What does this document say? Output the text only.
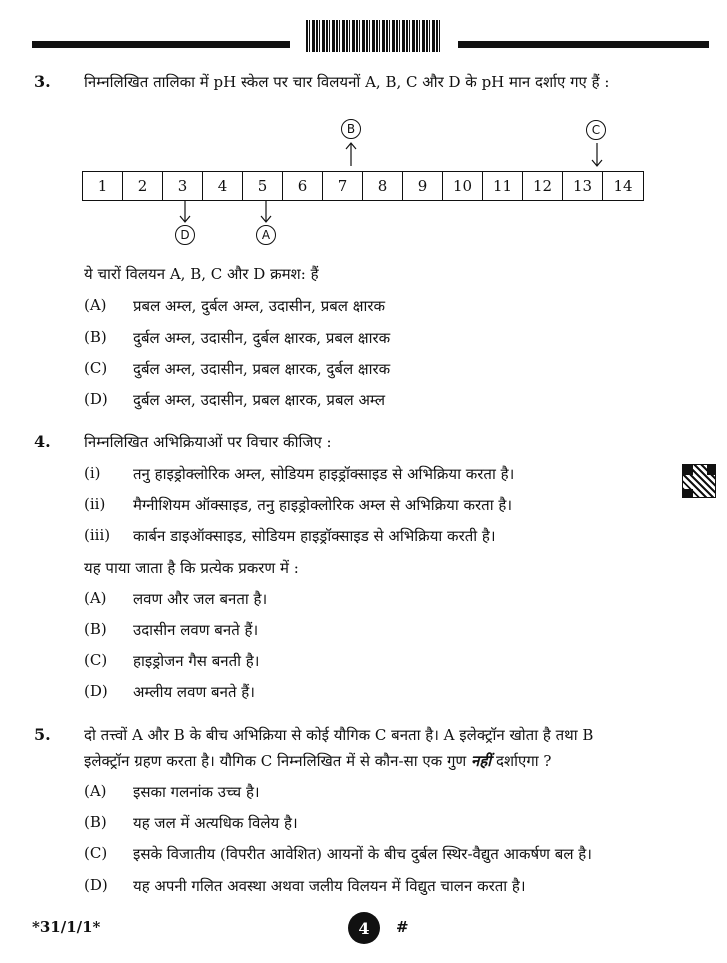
3. निम्नलिखित तालिका में pH स्केल पर चार विलयनों A, B, C और D के pH मान दर्शाए गए हैं :
B	C
1	2	3	4	5	6	7	8	9	10	11	12	13	14
D	A
ये चारों विलयन A, B, C और D क्रमश: हैं
(A) प्रबल अम्ल, दुर्बल अम्ल, उदासीन, प्रबल क्षारक
(B) दुर्बल अम्ल, उदासीन, दुर्बल क्षारक, प्रबल क्षारक
(C) दुर्बल अम्ल, उदासीन, प्रबल क्षारक, दुर्बल क्षारक
(D) दुर्बल अम्ल, उदासीन, प्रबल क्षारक, प्रबल अम्ल
4. निम्नलिखित अभिक्रियाओं पर विचार कीजिए :
(i) तनु हाइड्रोक्लोरिक अम्ल, सोडियम हाइड्रॉक्साइड से अभिक्रिया करता है।
(ii) मैग्नीशियम ऑक्साइड, तनु हाइड्रोक्लोरिक अम्ल से अभिक्रिया करता है।
(iii) कार्बन डाइऑक्साइड, सोडियम हाइड्रॉक्साइड से अभिक्रिया करती है।
यह पाया जाता है कि प्रत्येक प्रकरण में :
(A) लवण और जल बनता है।
(B) उदासीन लवण बनते हैं।
(C) हाइड्रोजन गैस बनती है।
(D) अम्लीय लवण बनते हैं।
5. दो तत्त्वों A और B के बीच अभिक्रिया से कोई यौगिक C बनता है। A इलेक्ट्रॉन खोता है तथा B
इलेक्ट्रॉन ग्रहण करता है। यौगिक C निम्नलिखित में से कौन-सा एक गुण नहीं दर्शाएगा ?
(A) इसका गलनांक उच्च है।
(B) यह जल में अत्यधिक विलेय है।
(C) इसके विजातीय (विपरीत आवेशित) आयनों के बीच दुर्बल स्थिर-वैद्युत आकर्षण बल है।
(D) यह अपनी गलित अवस्था अथवा जलीय विलयन में विद्युत चालन करता है।
*31/1/1*	4	#
